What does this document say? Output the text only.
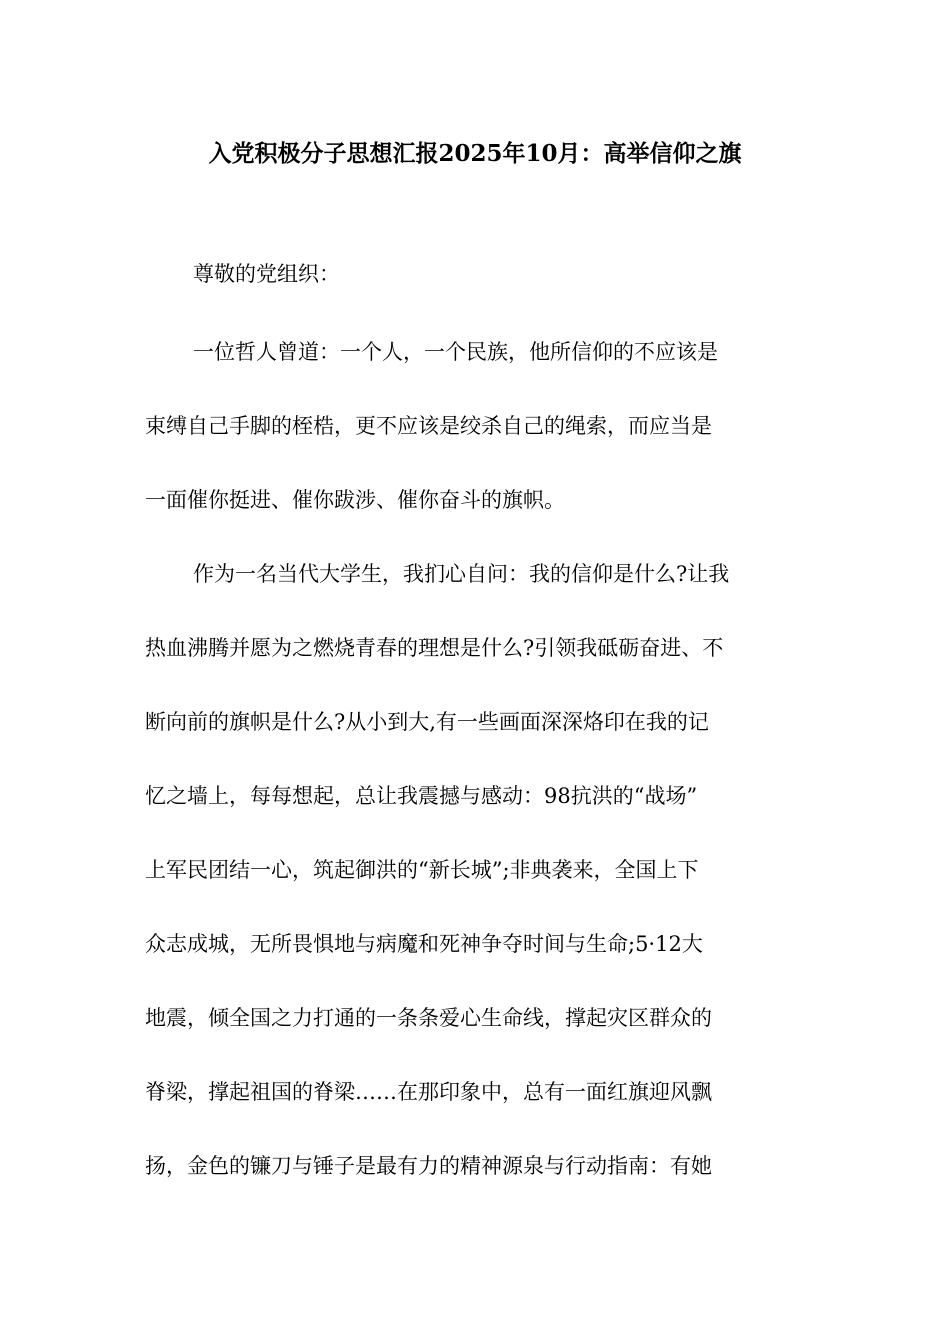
入党积极分子思想汇报2025年10月：高举信仰之旗
尊敬的党组织：
一位哲人曾道：一个人，一个民族，他所信仰的不应该是
束缚自己手脚的桎梏，更不应该是绞杀自己的绳索，而应当是
一面催你挺进、催你跋涉、催你奋斗的旗帜。
作为一名当代大学生，我扪心自问：我的信仰是什么?让我
热血沸腾并愿为之燃烧青春的理想是什么?引领我砥砺奋进、不
断向前的旗帜是什么?从小到大,有一些画面深深烙印在我的记
忆之墙上，每每想起，总让我震撼与感动：98抗洪的“战场”
上军民团结一心，筑起御洪的“新长城”;非典袭来，全国上下
众志成城，无所畏惧地与病魔和死神争夺时间与生命;5·12大
地震，倾全国之力打通的一条条爱心生命线，撑起灾区群众的
脊梁，撑起祖国的脊梁……在那印象中，总有一面红旗迎风飘
扬，金色的镰刀与锤子是最有力的精神源泉与行动指南：有她
